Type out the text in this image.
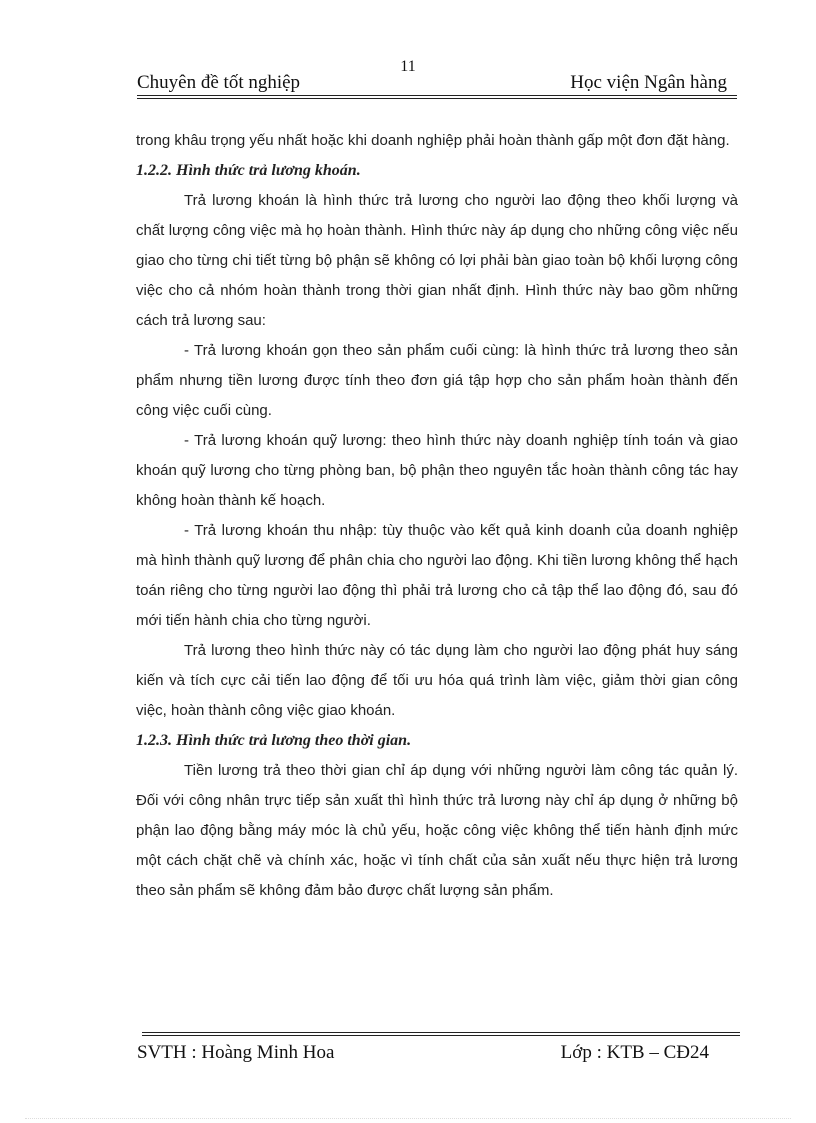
11
Chuyên đề tốt nghiệp	Học viện Ngân hàng

trong khâu trọng yếu nhất hoặc khi doanh nghiệp phải hoàn thành gấp một đơn đặt hàng.

1.2.2. Hình thức trả lương khoán.

Trả lương khoán là hình thức trả lương cho người lao động theo khối lượng và chất lượng công việc mà họ hoàn thành. Hình thức này áp dụng cho những công việc nếu giao cho từng chi tiết từng bộ phận sẽ không có lợi phải bàn giao toàn bộ khối lượng công việc cho cả nhóm hoàn thành trong thời gian nhất định. Hình thức này bao gồm những cách trả lương sau:

- Trả lương khoán gọn theo sản phẩm cuối cùng: là hình thức trả lương theo sản phẩm nhưng tiền lương được tính theo đơn giá tập hợp cho sản phẩm hoàn thành đến công việc cuối cùng.

- Trả lương khoán quỹ lương: theo hình thức này doanh nghiệp tính toán và giao khoán quỹ lương cho từng phòng ban, bộ phận theo nguyên tắc hoàn thành công tác hay không hoàn thành kế hoạch.

- Trả lương khoán thu nhập: tùy thuộc vào kết quả kinh doanh của doanh nghiệp mà hình thành quỹ lương để phân chia cho người lao động. Khi tiền lương không thể hạch toán riêng cho từng người lao động thì phải trả lương cho cả tập thể lao động đó, sau đó mới tiến hành chia cho từng người.

Trả lương theo hình thức này có tác dụng làm cho người lao động phát huy sáng kiến và tích cực cải tiến lao động để tối ưu hóa quá trình làm việc, giảm thời gian công việc, hoàn thành công việc giao khoán.

1.2.3. Hình thức trả lương theo thời gian.

Tiền lương trả theo thời gian chỉ áp dụng với những người làm công tác quản lý. Đối với công nhân trực tiếp sản xuất thì hình thức trả lương này chỉ áp dụng ở những bộ phận lao động bằng máy móc là chủ yếu, hoặc công việc không thể tiến hành định mức một cách chặt chẽ và chính xác, hoặc vì tính chất của sản xuất nếu thực hiện trả lương theo sản phẩm sẽ không đảm bảo được chất lượng sản phẩm.

SVTH : Hoàng Minh Hoa	Lớp : KTB – CĐ24
